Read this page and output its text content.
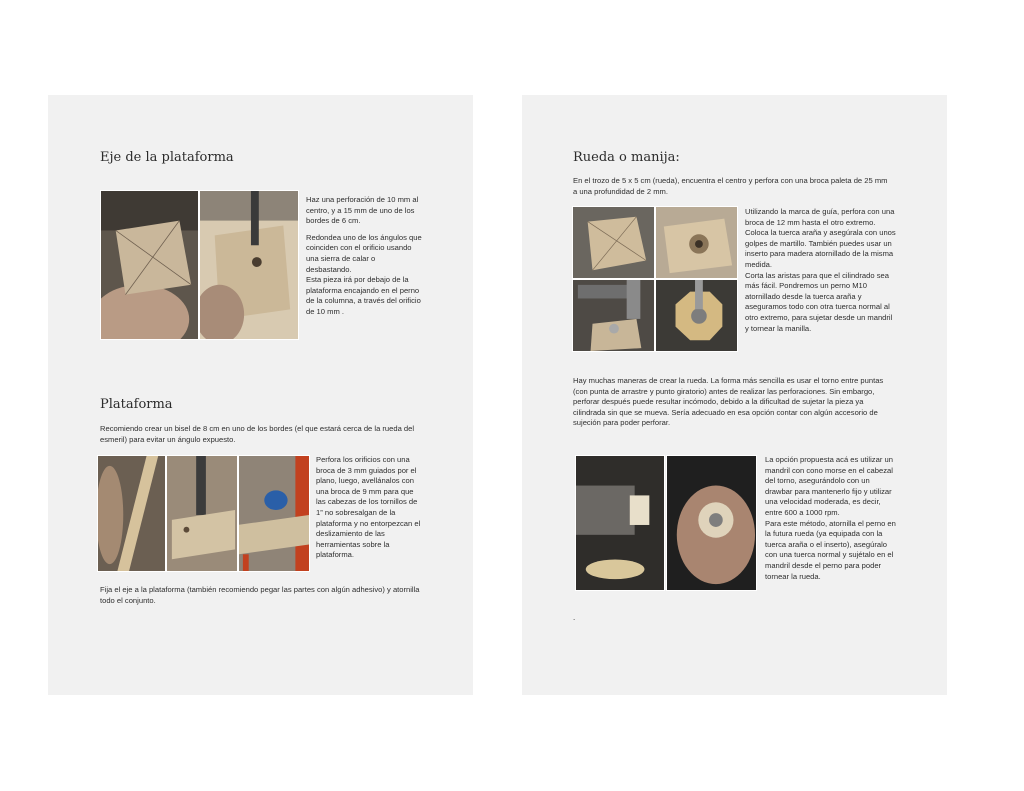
Eje de la plataforma

Haz una perforación de 10 mm al centro, y a 15 mm de uno de los bordes de 6 cm.

Redondea uno de los ángulos que coinciden con el orificio usando una sierra de calar o desbastando.

Esta pieza irá por debajo de la plataforma encajando en el perno de la columna, a través del orificio de 10 mm .

Plataforma
Recomiendo crear un bisel de 8 cm en uno de los bordes (el que estará cerca de la rueda del esmeril) para evitar un ángulo expuesto.
Perfora los orificios con una broca de 3 mm guiados por el plano, luego, avellánalos con una broca de 9 mm para que las cabezas de los tornillos de 1” no sobresalgan de la plataforma y no entorpezcan el deslizamiento de las herramientas sobre la plataforma.
Fija el eje a la plataforma (también recomiendo pegar las partes con algún adhesivo) y atornilla todo el conjunto.
Rueda o manija:
En el trozo de 5 x 5 cm (rueda), encuentra el centro y perfora con una broca paleta de 25 mm a una profundidad de 2 mm.

Utilizando la marca de guía, perfora con una broca de 12 mm hasta el otro extremo.

Coloca la tuerca araña y asegúrala con unos golpes de martillo. También puedes usar un inserto para madera atornillado de la misma medida.

Corta las aristas para que el cilindrado sea más fácil. Pondremos un perno M10 atornillado desde la tuerca araña y aseguramos todo con otra tuerca normal al otro extremo, para sujetar desde un mandril y tornear la manilla.

Hay muchas maneras de crear la rueda. La forma más sencilla es usar el torno entre puntas (con punta de arrastre y punto giratorio) antes de realizar las perforaciones. Sin embargo, perforar después puede resultar incómodo, debido a la dificultad de sujetar la pieza ya cilindrada sin que se mueva. Sería adecuado en esa opción contar con algún accesorio de sujeción para poder perforar.

La opción propuesta acá es utilizar un mandril con cono morse en el cabezal del torno, asegurándolo con un drawbar para mantenerlo fijo y utilizar una velocidad moderada, es decir, entre 600 a 1000 rpm.

Para este método, atornilla el perno en la futura rueda (ya equipada con la tuerca araña o el inserto), asegúralo con una tuerca normal y sujétalo en el mandril desde el perno para poder tornear la rueda.

.
